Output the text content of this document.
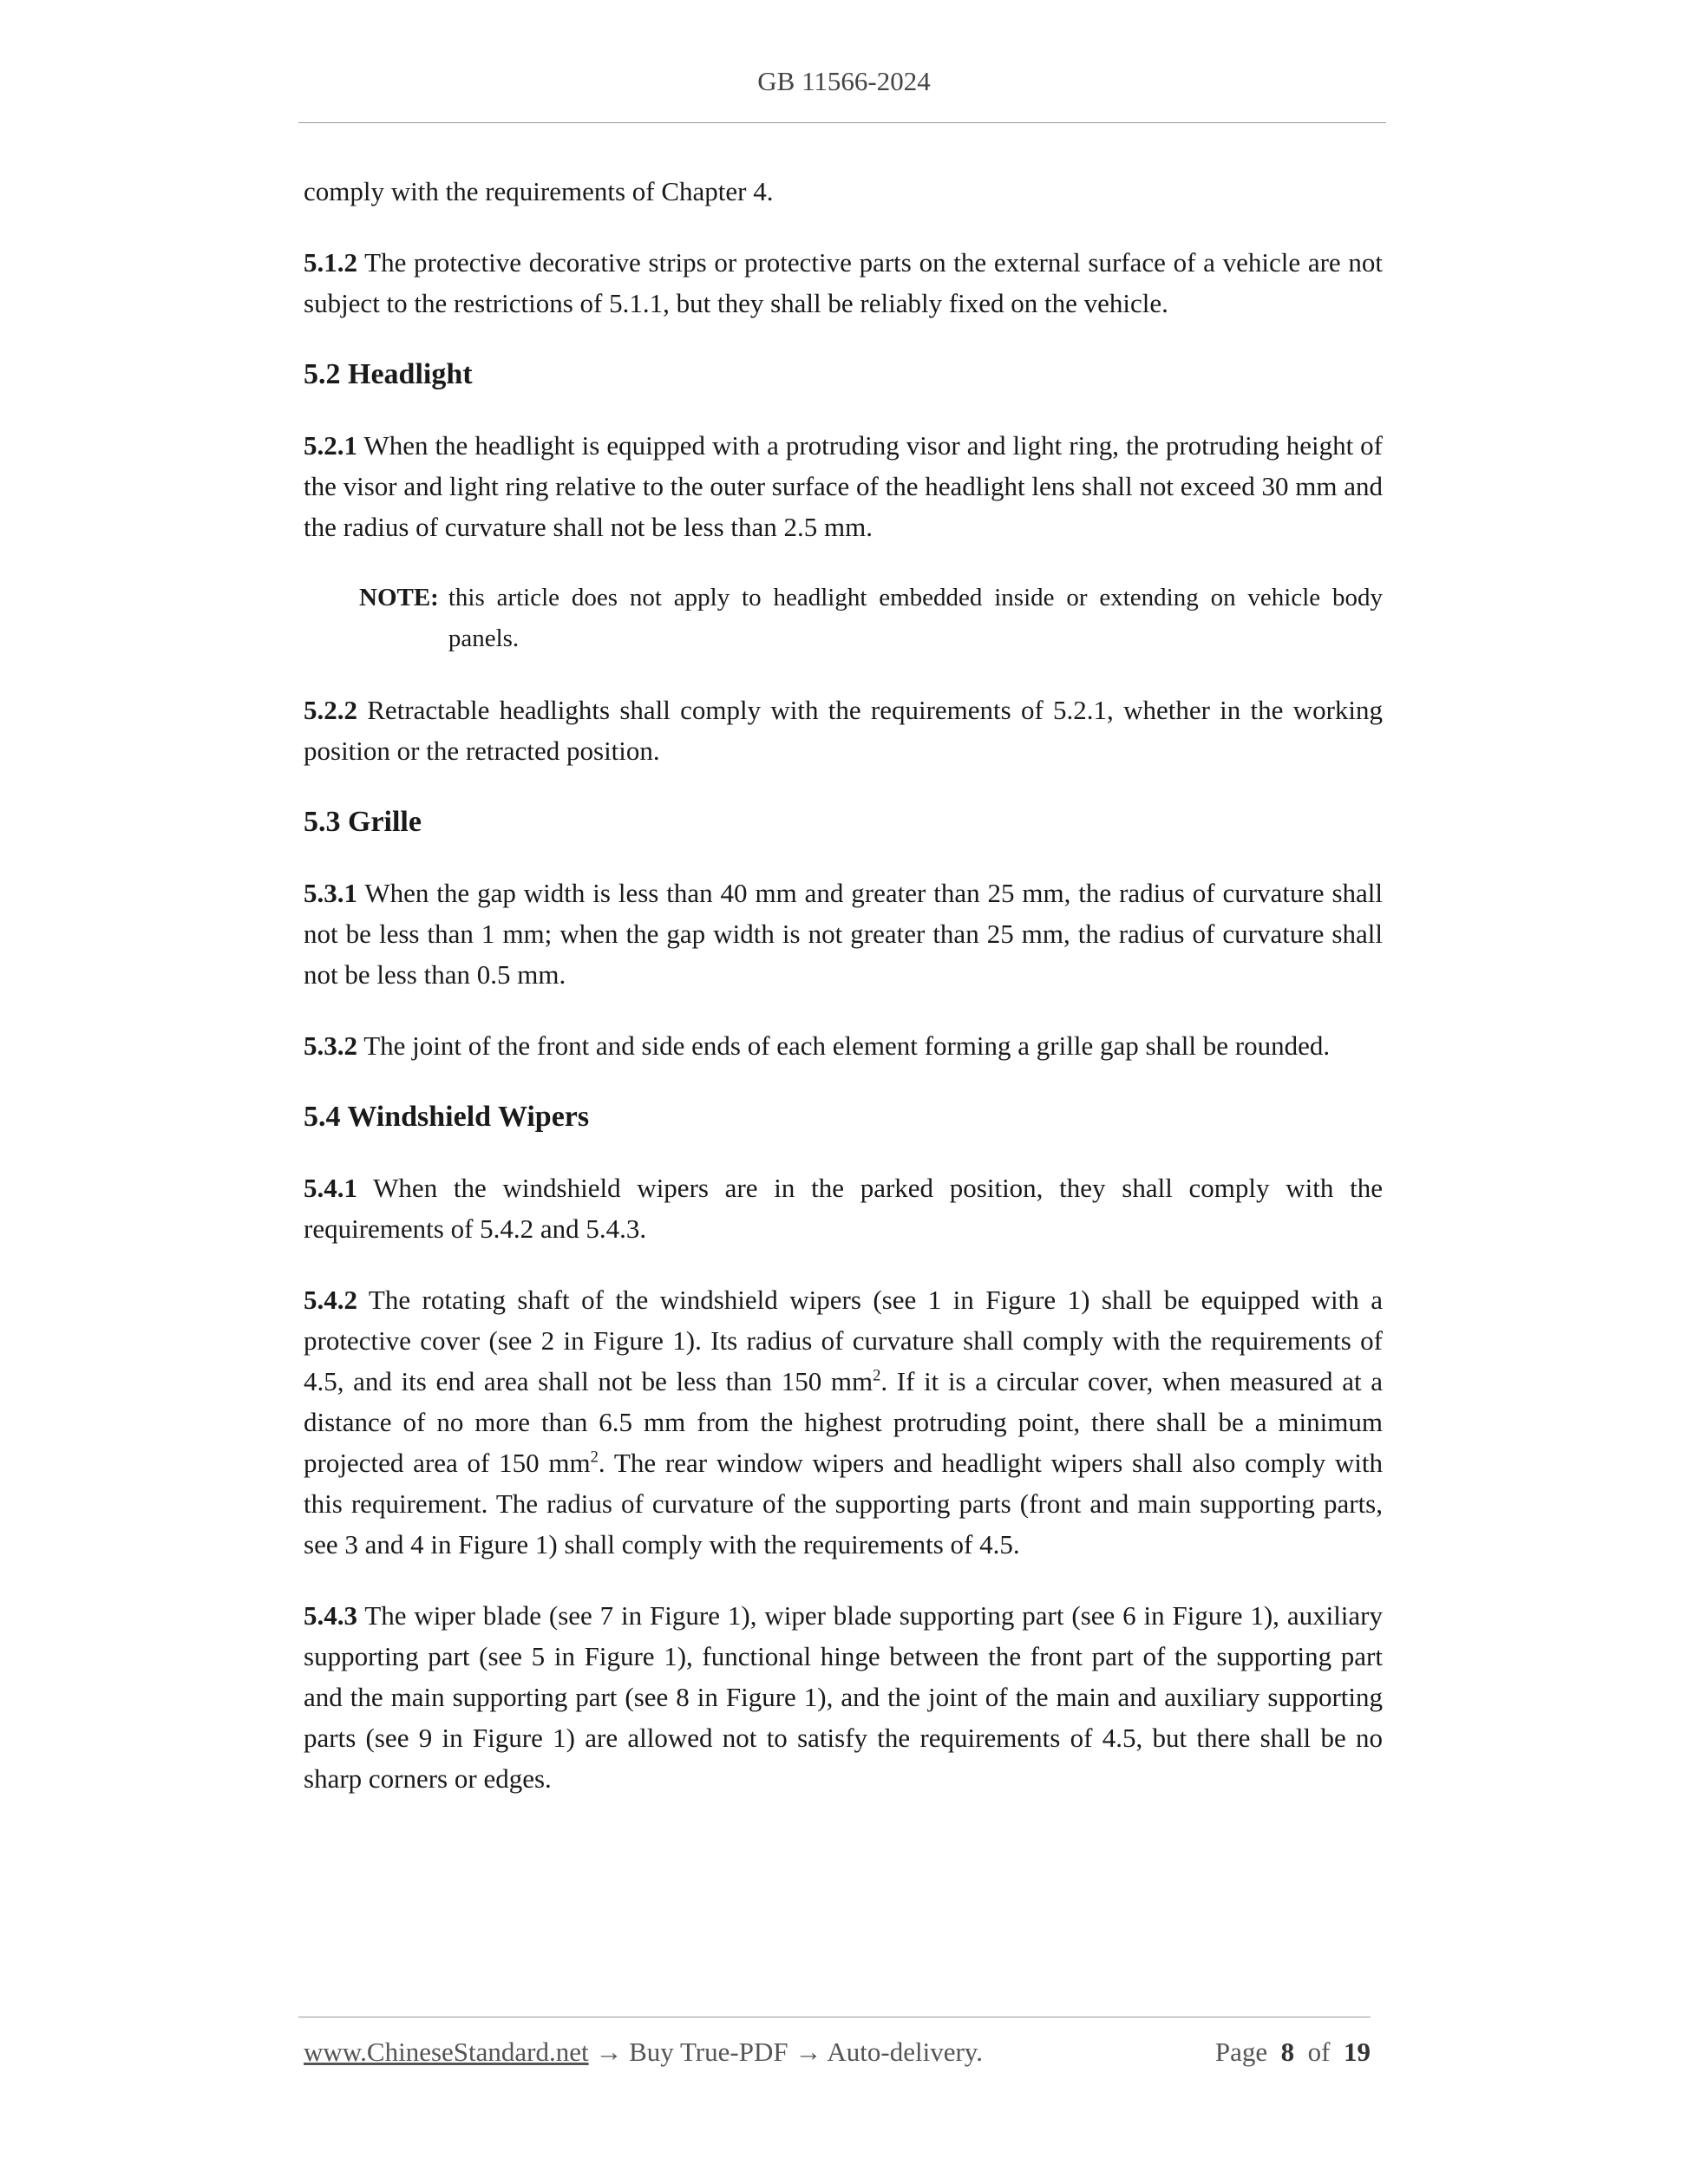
GB 11566-2024

comply with the requirements of Chapter 4.

5.1.2 The protective decorative strips or protective parts on the external surface of a vehicle are not subject to the restrictions of 5.1.1, but they shall be reliably fixed on the vehicle.

5.2 Headlight

5.2.1 When the headlight is equipped with a protruding visor and light ring, the protruding height of the visor and light ring relative to the outer surface of the headlight lens shall not exceed 30 mm and the radius of curvature shall not be less than 2.5 mm.

NOTE: this article does not apply to headlight embedded inside or extending on vehicle body panels.

5.2.2 Retractable headlights shall comply with the requirements of 5.2.1, whether in the working position or the retracted position.

5.3 Grille

5.3.1 When the gap width is less than 40 mm and greater than 25 mm, the radius of curvature shall not be less than 1 mm; when the gap width is not greater than 25 mm, the radius of curvature shall not be less than 0.5 mm.

5.3.2 The joint of the front and side ends of each element forming a grille gap shall be rounded.

5.4 Windshield Wipers

5.4.1 When the windshield wipers are in the parked position, they shall comply with the requirements of 5.4.2 and 5.4.3.

5.4.2 The rotating shaft of the windshield wipers (see 1 in Figure 1) shall be equipped with a protective cover (see 2 in Figure 1). Its radius of curvature shall comply with the requirements of 4.5, and its end area shall not be less than 150 $mm^2$. If it is a circular cover, when measured at a distance of no more than 6.5 mm from the highest protruding point, there shall be a minimum projected area of 150 $mm^2$. The rear window wipers and headlight wipers shall also comply with this requirement. The radius of curvature of the supporting parts (front and main supporting parts, see 3 and 4 in Figure 1) shall comply with the requirements of 4.5.

5.4.3 The wiper blade (see 7 in Figure 1), wiper blade supporting part (see 6 in Figure 1), auxiliary supporting part (see 5 in Figure 1), functional hinge between the front part of the supporting part and the main supporting part (see 8 in Figure 1), and the joint of the main and auxiliary supporting parts (see 9 in Figure 1) are allowed not to satisfy the requirements of 4.5, but there shall be no sharp corners or edges.

www.ChineseStandard.net → Buy True-PDF → Auto-delivery.	Page 8 of 19
